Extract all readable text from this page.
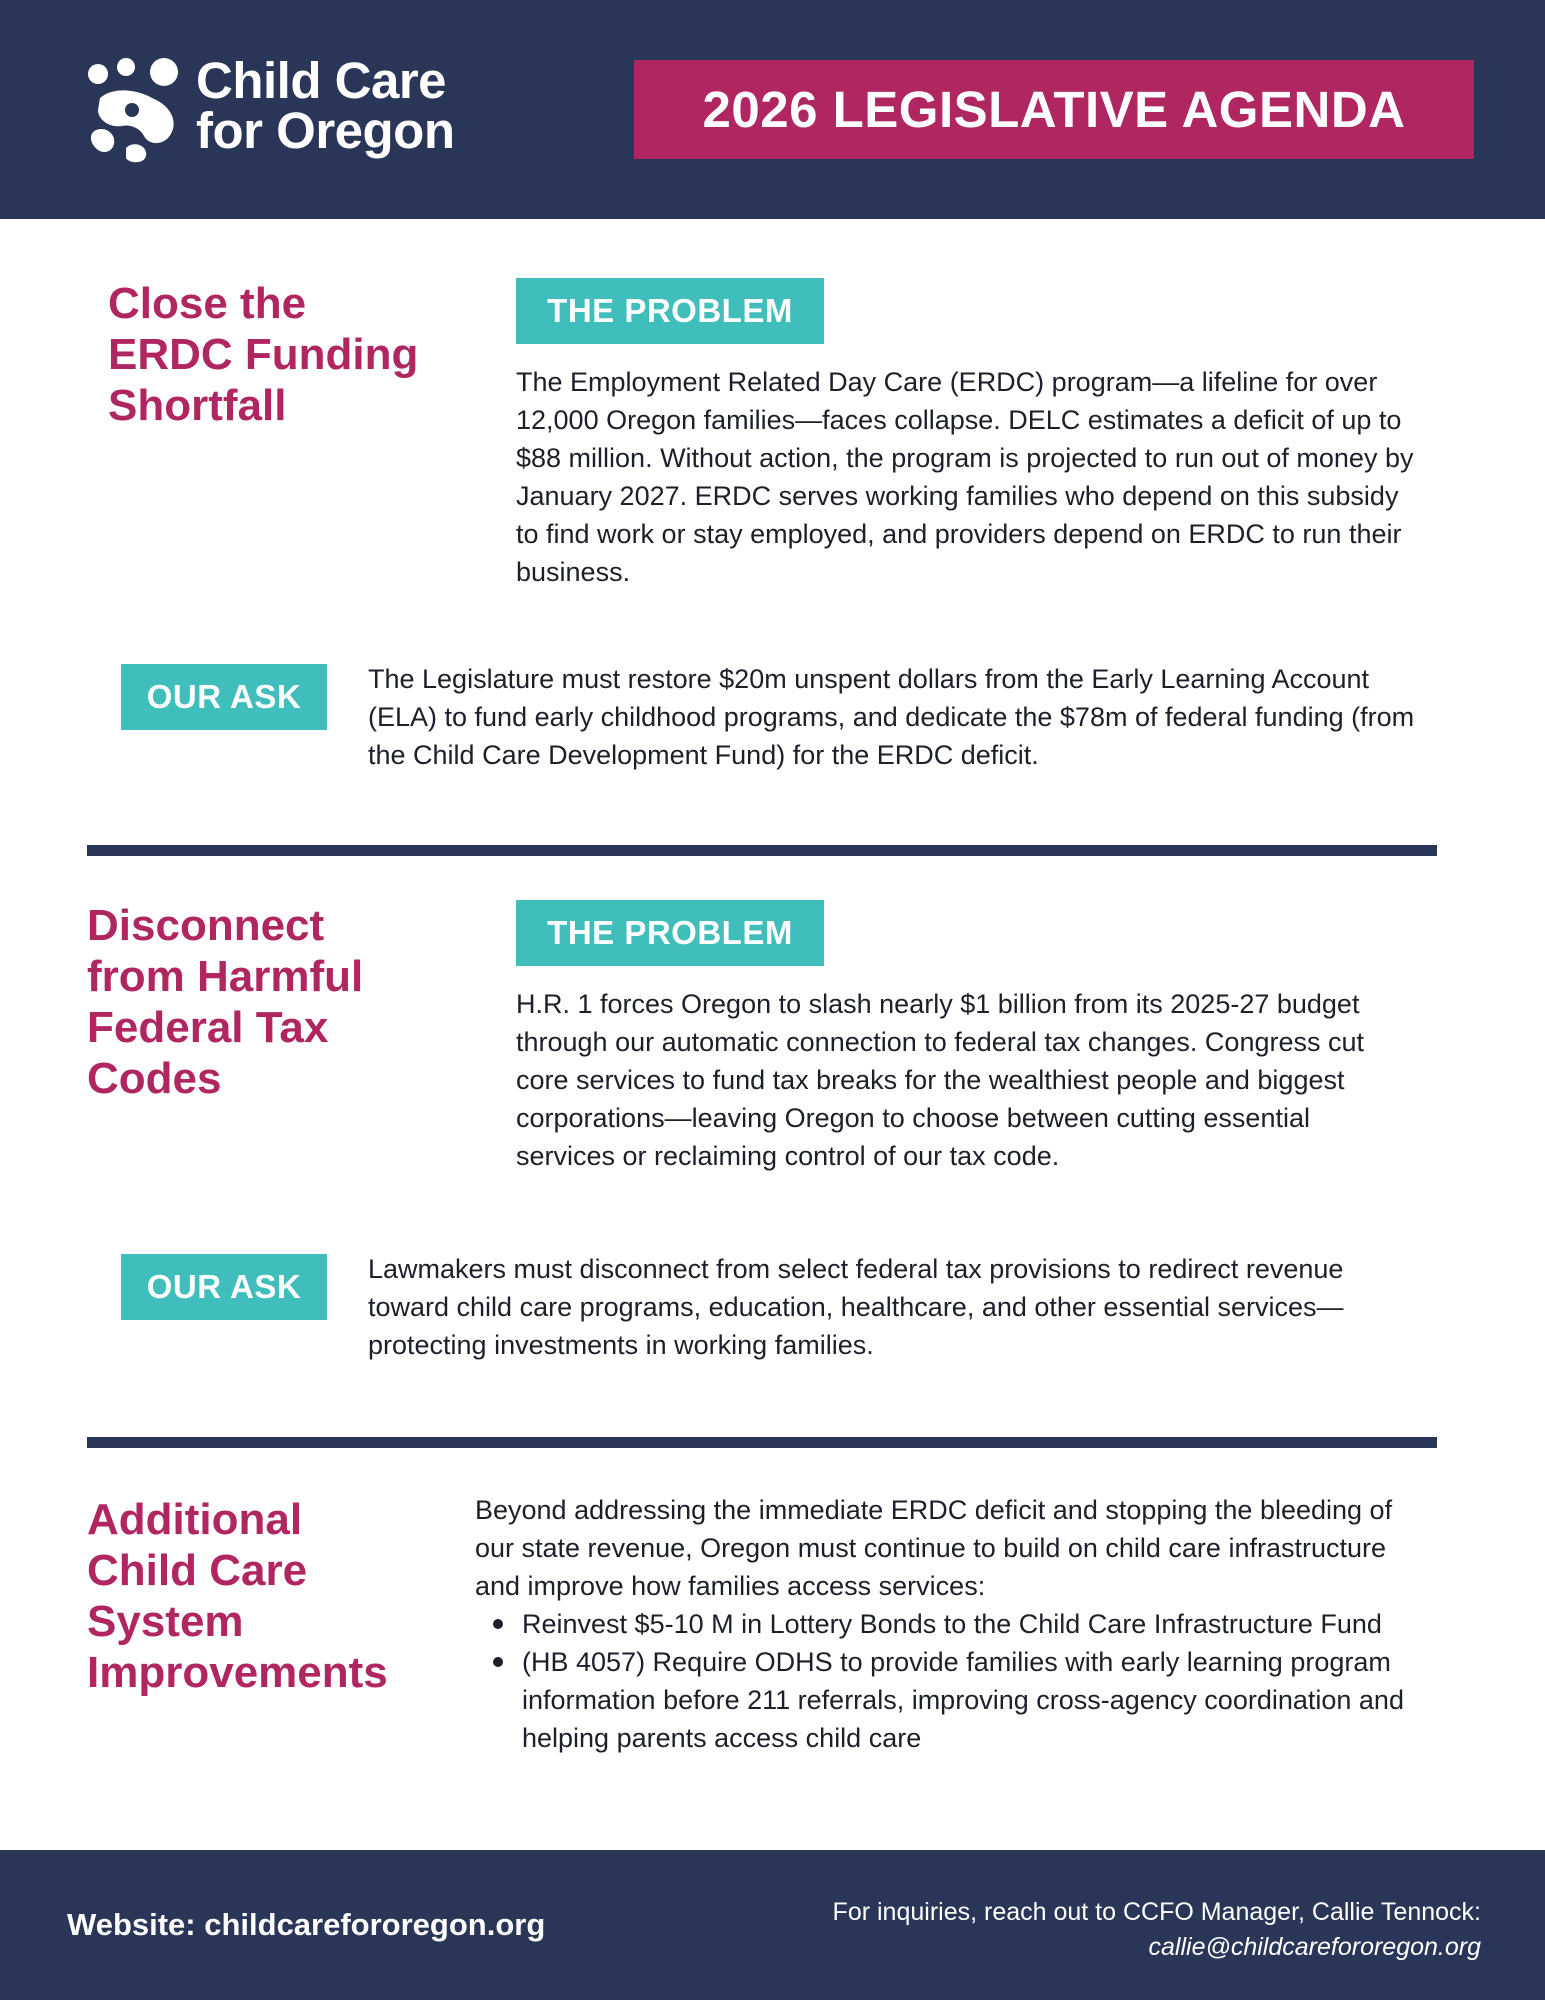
Child Care
for Oregon	2026 LEGISLATIVE AGENDA
Close the
ERDC Funding
Shortfall
THE PROBLEM
The Employment Related Day Care (ERDC) program—a lifeline for over 12,000 Oregon families—faces collapse. DELC estimates a deficit of up to $88 million. Without action, the program is projected to run out of money by January 2027. ERDC serves working families who depend on this subsidy to find work or stay employed, and providers depend on ERDC to run their business.
OUR ASK	The Legislature must restore $20m unspent dollars from the Early Learning Account (ELA) to fund early childhood programs, and dedicate the $78m of federal funding (from the Child Care Development Fund) for the ERDC deficit.
Disconnect
from Harmful
Federal Tax
Codes
THE PROBLEM
H.R. 1 forces Oregon to slash nearly $1 billion from its 2025-27 budget through our automatic connection to federal tax changes. Congress cut core services to fund tax breaks for the wealthiest people and biggest corporations—leaving Oregon to choose between cutting essential services or reclaiming control of our tax code.
OUR ASK	Lawmakers must disconnect from select federal tax provisions to redirect revenue toward child care programs, education, healthcare, and other essential services—protecting investments in working families.
Additional
Child Care
System
Improvements
Beyond addressing the immediate ERDC deficit and stopping the bleeding of our state revenue, Oregon must continue to build on child care infrastructure and improve how families access services:
Reinvest $5-10 M in Lottery Bonds to the Child Care Infrastructure Fund
(HB 4057) Require ODHS to provide families with early learning program information before 211 referrals, improving cross-agency coordination and helping parents access child care
Website: childcarefororegon.org	For inquiries, reach out to CCFO Manager, Callie Tennock:
callie@childcarefororegon.org
